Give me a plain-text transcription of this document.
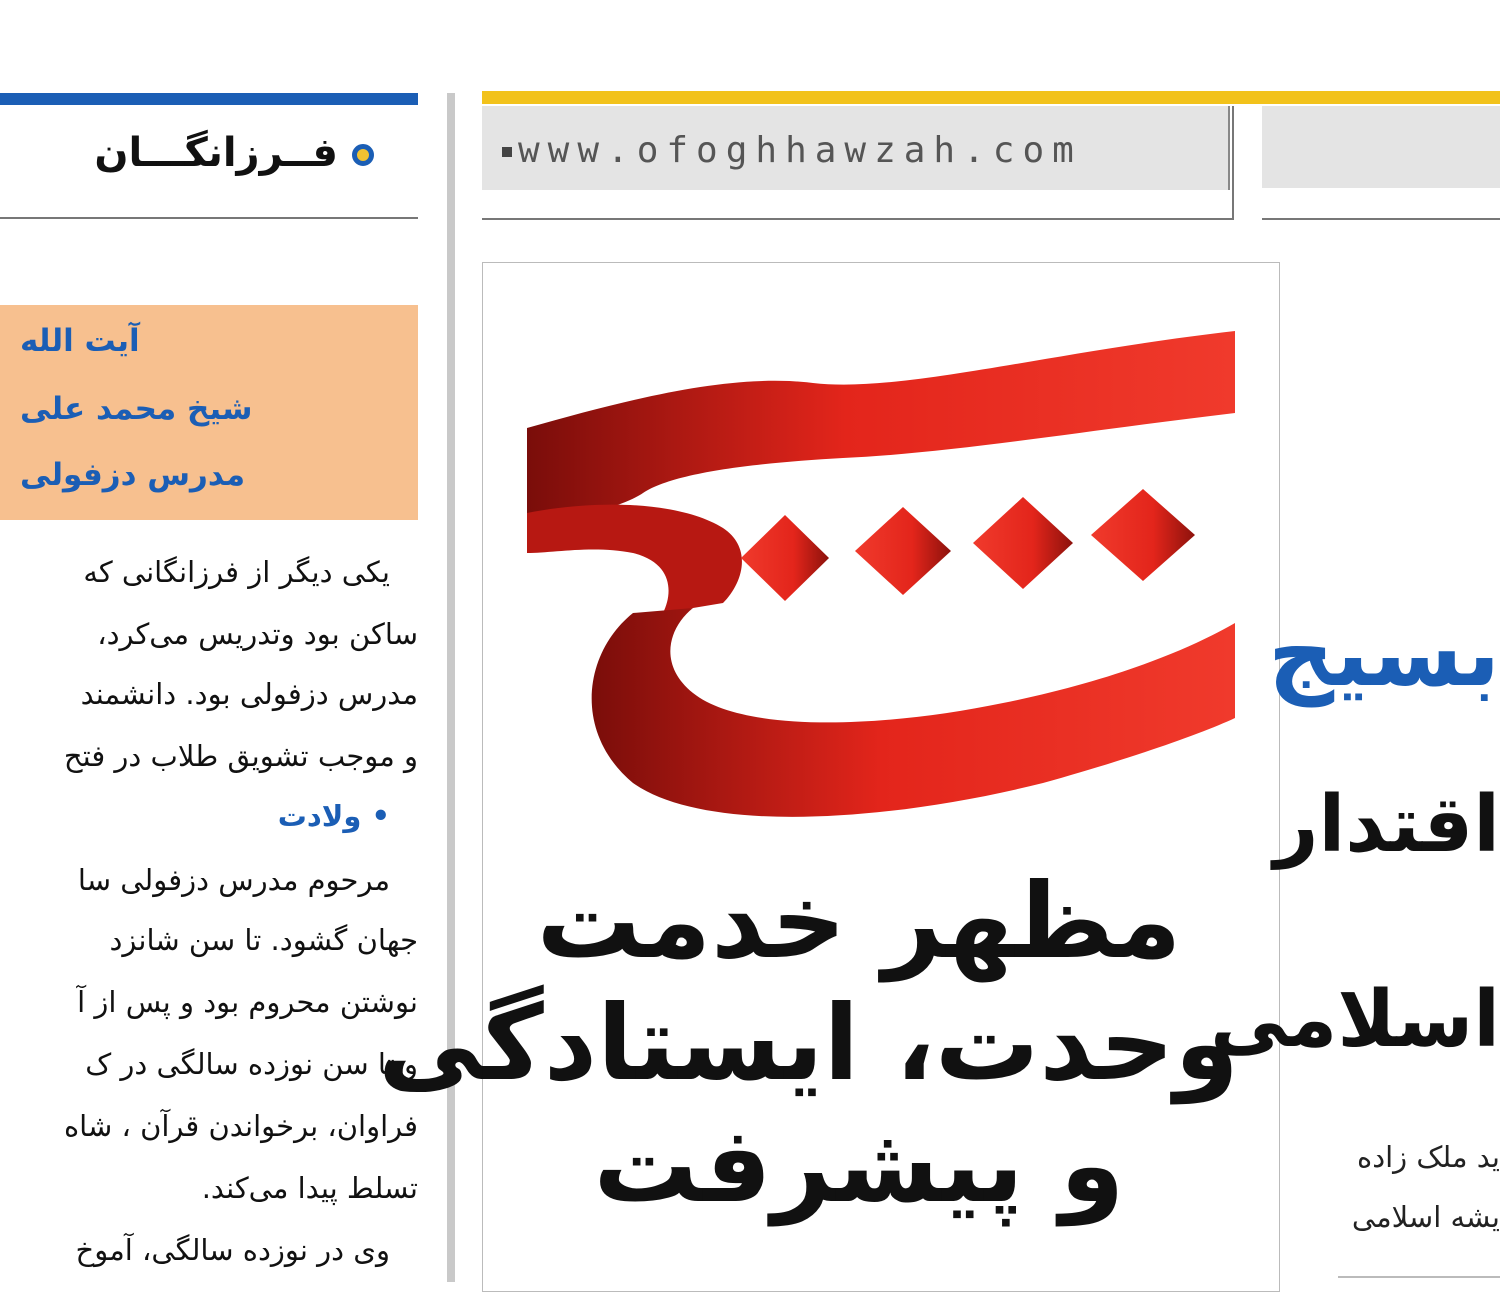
فــرزانگـــان
آیت الله
شیخ محمد علی
مدرس دزفولی
یکی دیگر از فرزانگانی که
ساکن بود وتدریس می‌کرد،
مدرس دزفولی بود. دانشمند
و موجب تشویق طلاب در فتح
• ولادت
مرحوم مدرس دزفولی سا
جهان گشود. تا سن شانزد
نوشتن محروم بود و پس از آ
و تا سن نوزده سالگی در ک
فراوان، برخواندن قرآن ، شاه
تسلط پیدا می‌کند.
وی در نوزده سالگی، آموخ
www.ofoghhawzah.com
مظهر خدمت
وحدت، ایستادگی
و پیشرفت
بسیج
اقتدار
اسلامی
ید ملک زاده
یشه اسلامی
